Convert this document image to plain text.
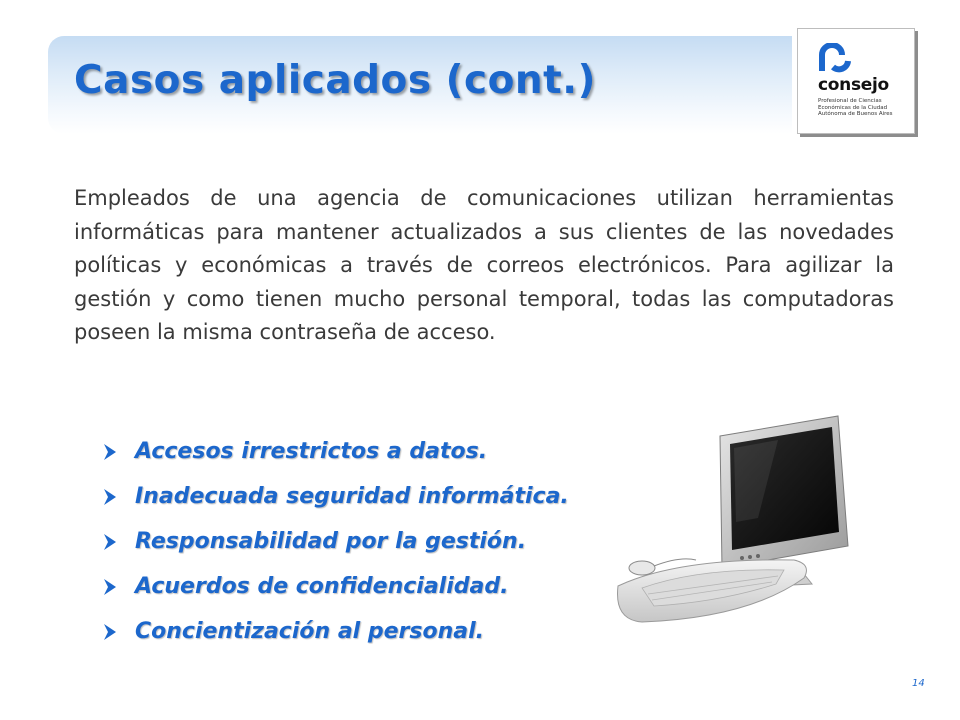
Casos aplicados (cont.)	consejo
Profesional de Ciencias
Económicas de la Ciudad
Autónoma de Buenos Aires

Empleados de una agencia de comunicaciones utilizan herramientas informáticas para mantener actualizados a sus clientes de las novedades políticas y económicas a través de correos electrónicos. Para agilizar la gestión y como tienen mucho personal temporal, todas las computadoras poseen la misma contraseña de acceso.

Accesos irrestrictos a datos.
Inadecuada seguridad informática.
Responsabilidad por la gestión.
Acuerdos de confidencialidad.
Concientización al personal.
14
